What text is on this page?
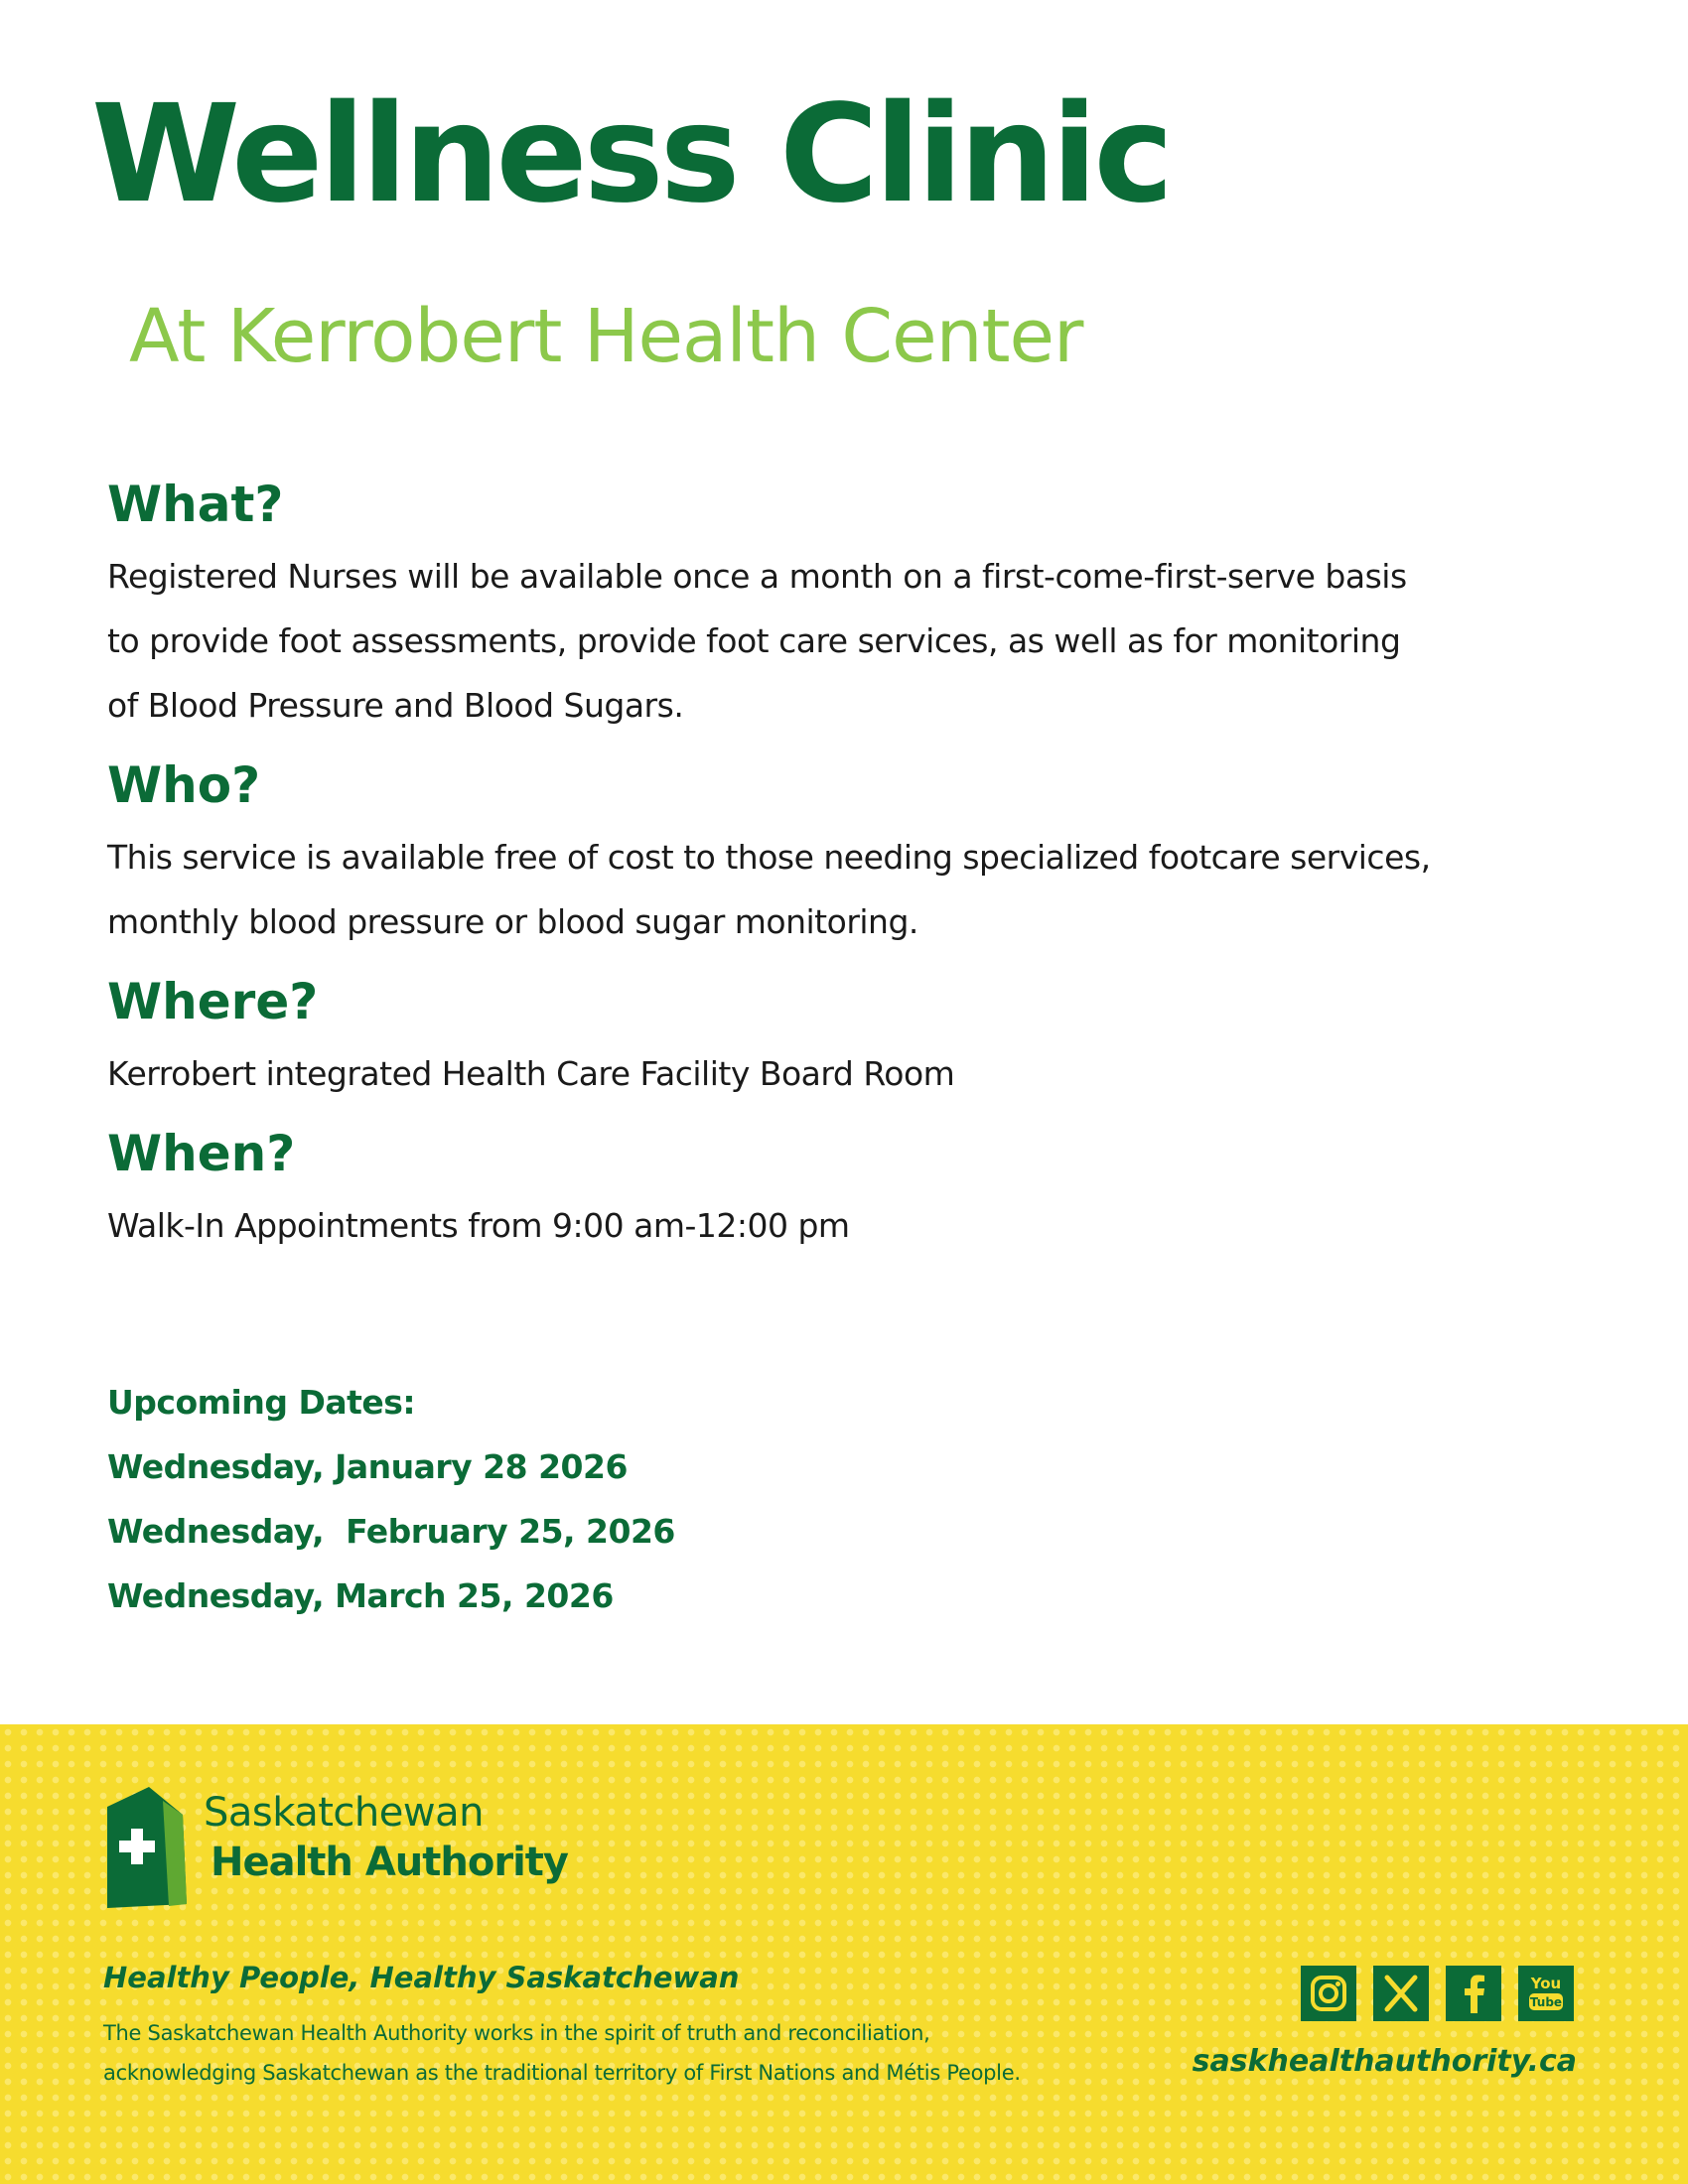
Wellness Clinic
At Kerrobert Health Center
What?
Registered Nurses will be available once a month on a first-come-first-serve basis
to provide foot assessments, provide foot care services, as well as for monitoring
of Blood Pressure and Blood Sugars.
Who?
This service is available free of cost to those needing specialized footcare services,
monthly blood pressure or blood sugar monitoring.
Where?
Kerrobert integrated Health Care Facility Board Room
When?
Walk-In Appointments from 9:00 am-12:00 pm
Upcoming Dates:
Wednesday, January 28 2026
Wednesday,  February 25, 2026
Wednesday, March 25, 2026
Saskatchewan
Health Authority
Healthy People, Healthy Saskatchewan
The Saskatchewan Health Authority works in the spirit of truth and reconciliation,
acknowledging Saskatchewan as the traditional territory of First Nations and Métis People.
You
Tube
saskhealthauthority.ca
